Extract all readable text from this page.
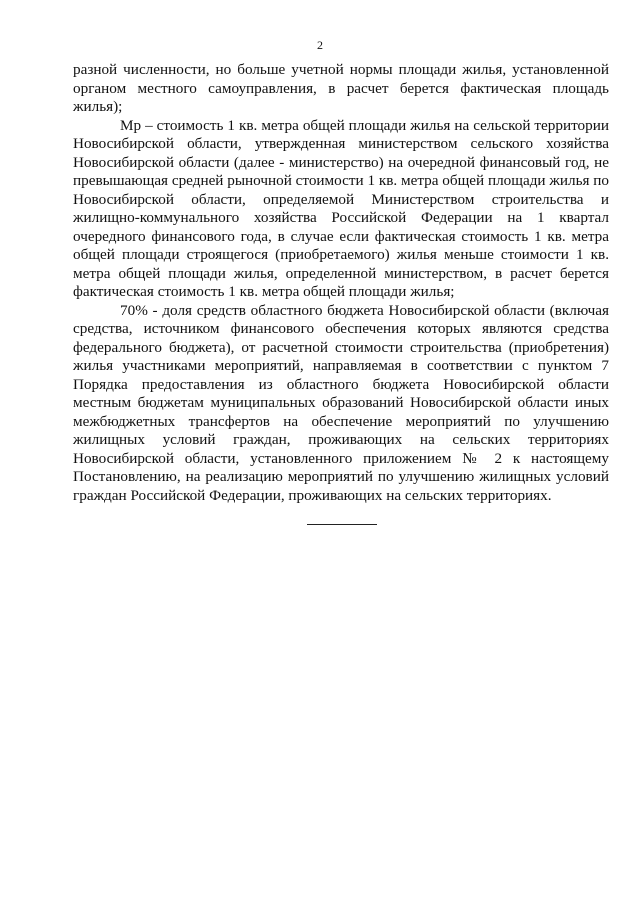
2

разной численности, но больше учетной нормы площади жилья, установленной органом местного самоуправления, в расчет берется фактическая площадь жилья);

Мр – стоимость 1 кв. метра общей площади жилья на сельской территории Новосибирской области, утвержденная министерством сельского хозяйства Новосибирской области (далее - министерство) на очередной финансовый год, не превышающая средней рыночной стоимости 1 кв. метра общей площади жилья по Новосибирской области, определяемой Министерством строительства и жилищно-коммунального хозяйства Российской Федерации на 1 квартал очередного финансового года, в случае если фактическая стоимость 1 кв. метра общей площади строящегося (приобретаемого) жилья меньше стоимости 1 кв. метра общей площади жилья, определенной министерством, в расчет берется фактическая стоимость 1 кв. метра общей площади жилья;

70% - доля средств областного бюджета Новосибирской области (включая средства, источником финансового обеспечения которых являются средства федерального бюджета), от расчетной стоимости строительства (приобретения) жилья участниками мероприятий, направляемая в соответствии с пунктом 7 Порядка предоставления из областного бюджета Новосибирской области местным бюджетам муниципальных образований Новосибирской области иных межбюджетных трансфертов на обеспечение мероприятий по улучшению жилищных условий граждан, проживающих на сельских территориях Новосибирской области, установленного приложением № 2 к настоящему Постановлению, на реализацию мероприятий по улучшению жилищных условий граждан Российской Федерации, проживающих на сельских территориях.
